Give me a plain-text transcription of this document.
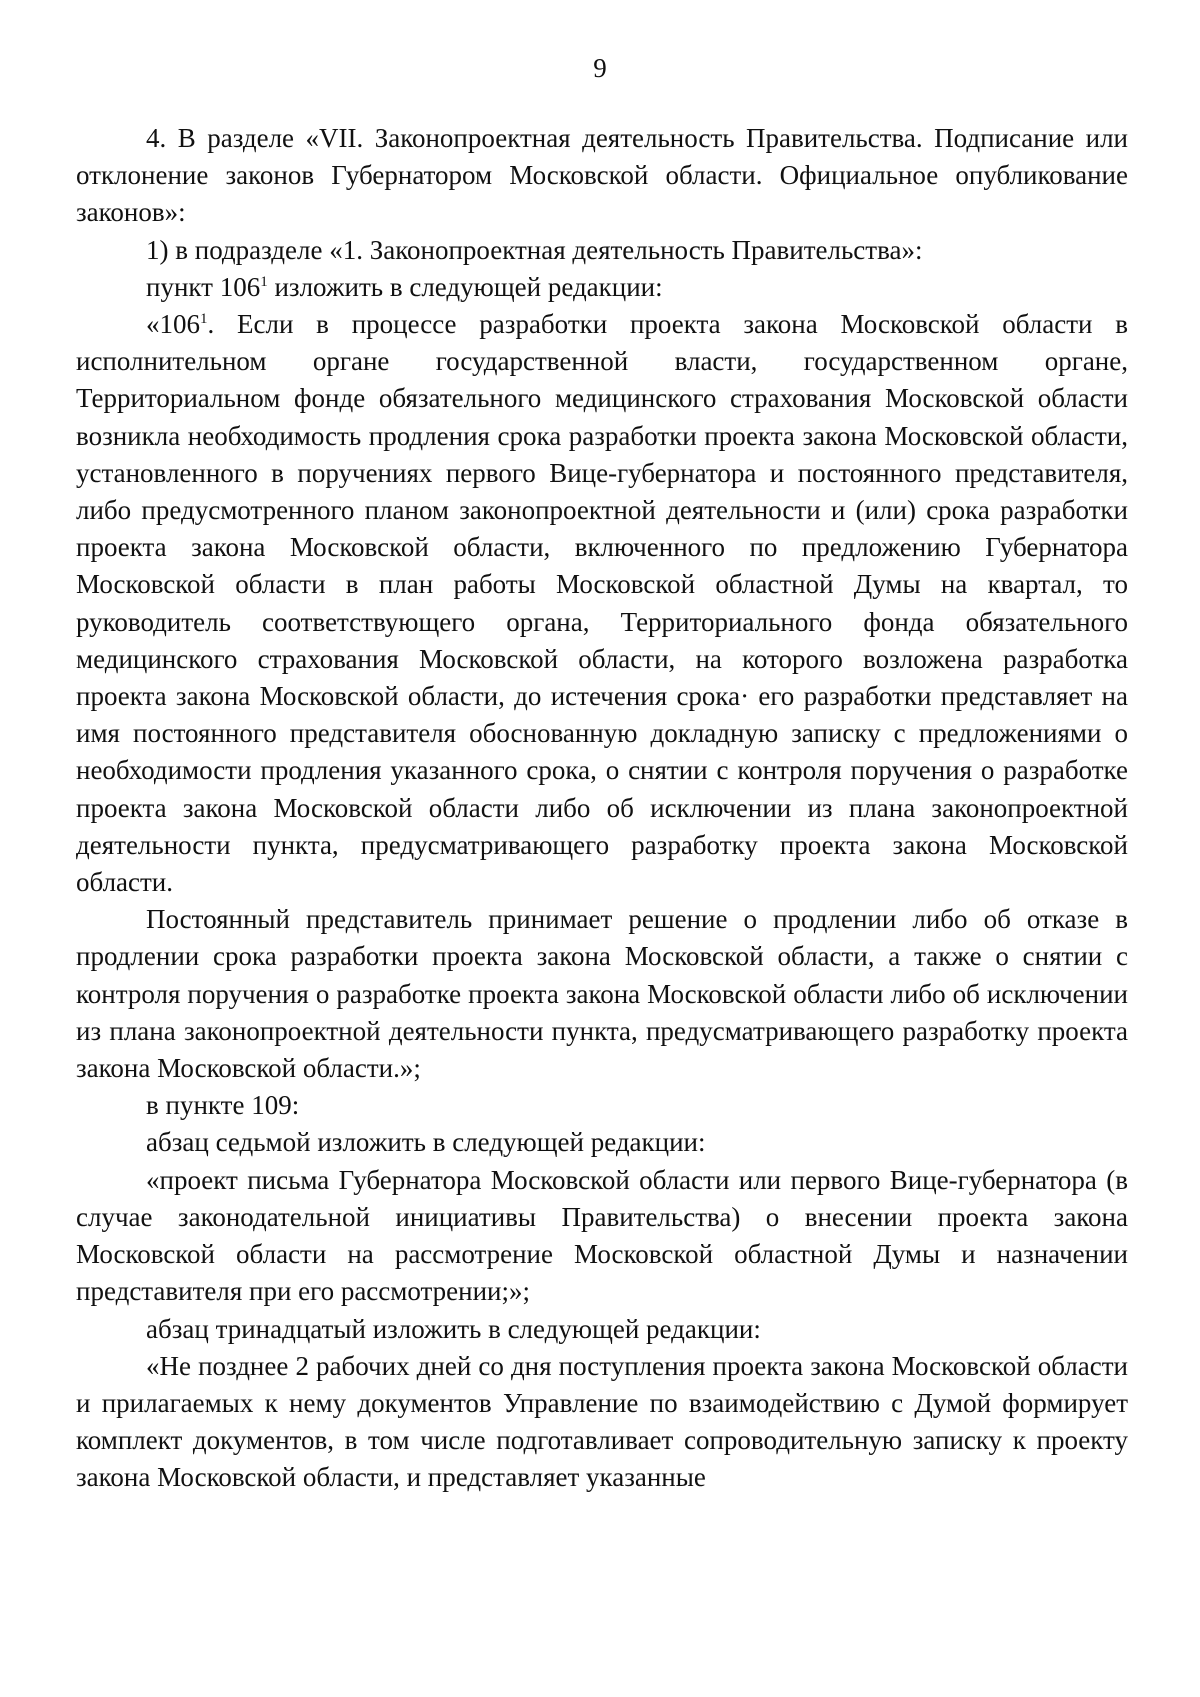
9

4. В разделе «VII. Законопроектная деятельность Правительства. Подписание или отклонение законов Губернатором Московской области. Официальное опубликование законов»:

1) в подразделе «1. Законопроектная деятельность Правительства»:

пункт $106^1$ изложить в следующей редакции:

«$106^1$. Если в процессе разработки проекта закона Московской области в исполнительном органе государственной власти, государственном органе, Территориальном фонде обязательного медицинского страхования Московской области возникла необходимость продления срока разработки проекта закона Московской области, установленного в поручениях первого Вице-губернатора и постоянного представителя, либо предусмотренного планом законопроектной деятельности и (или) срока разработки проекта закона Московской области, включенного по предложению Губернатора Московской области в план работы Московской областной Думы на квартал, то руководитель соответствующего органа, Территориального фонда обязательного медицинского страхования Московской области, на которого возложена разработка проекта закона Московской области, до истечения срока· его разработки представляет на имя постоянного представителя обоснованную докладную записку с предложениями о необходимости продления указанного срока, о снятии с контроля поручения о разработке проекта закона Московской области либо об исключении из плана законопроектной деятельности пункта, предусматривающего разработку проекта закона Московской области.

Постоянный представитель принимает решение о продлении либо об отказе в продлении срока разработки проекта закона Московской области, а также о снятии с контроля поручения о разработке проекта закона Московской области либо об исключении из плана законопроектной деятельности пункта, предусматривающего разработку проекта закона Московской области.»;

в пункте 109:

абзац седьмой изложить в следующей редакции:

«проект письма Губернатора Московской области или первого Вице-губернатора (в случае законодательной инициативы Правительства) о внесении проекта закона Московской области на рассмотрение Московской областной Думы и назначении представителя при его рассмотрении;»;

абзац тринадцатый изложить в следующей редакции:

«Не позднее 2 рабочих дней со дня поступления проекта закона Московской области и прилагаемых к нему документов Управление по взаимодействию с Думой формирует комплект документов, в том числе подготавливает сопроводительную записку к проекту закона Московской области, и представляет указанные
